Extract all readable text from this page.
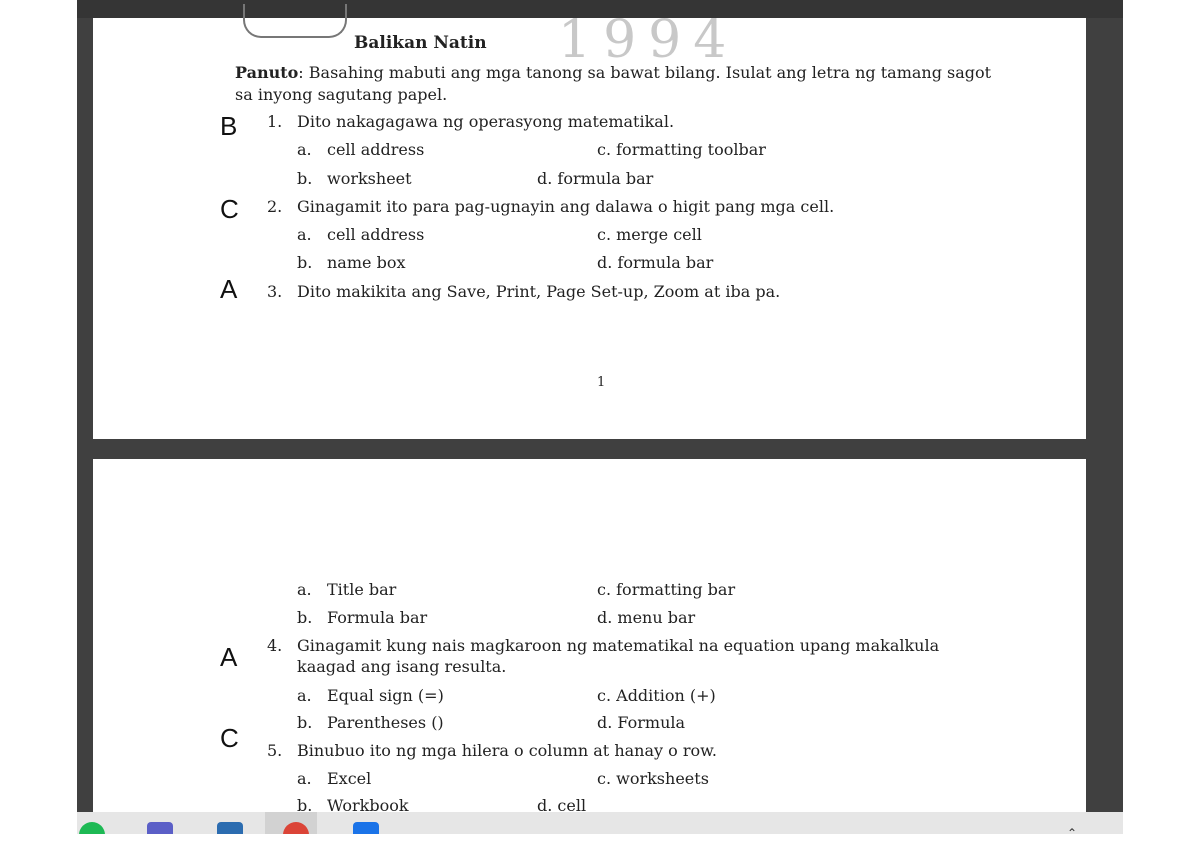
1994
Balikan Natin
Panuto: Basahing mabuti ang mga tanong sa bawat bilang. Isulat ang letra ng tamang sagot
sa inyong sagutang papel.
B 1. Dito nakagagawa ng operasyong matematikal.
a. cell address	c. formatting toolbar
b. worksheet	d. formula bar
C 2. Ginagamit ito para pag-ugnayin ang dalawa o higit pang mga cell.
a. cell address	c. merge cell
b. name box	d. formula bar
A 3. Dito makikita ang Save, Print, Page Set-up, Zoom at iba pa.
1
a. Title bar	c. formatting bar
b. Formula bar	d. menu bar
A 4. Ginagamit kung nais magkaroon ng matematikal na equation upang makalkula
kaagad ang isang resulta.
a. Equal sign (=)	c. Addition (+)
b. Parentheses ()	d. Formula
C 5. Binubuo ito ng mga hilera o column at hanay o row.
a. Excel	c. worksheets
b. Workbook	d. cell
⌃
